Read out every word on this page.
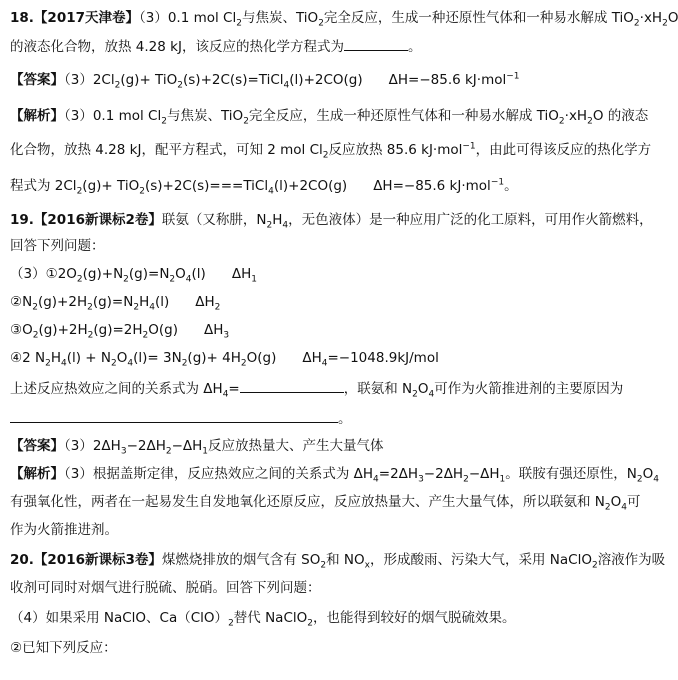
18.【2017天津卷】（3）0.1 mol $Cl_2$与焦炭、TiO$_2$完全反应，生成一种还原性气体和一种易水解成 $TiO_2\cdot xH_2O$
的液态化合物，放热 4.28 kJ，该反应的热化学方程式为	。
【答案】$(3)2Cl_2(g)+$ TiO$_2$(s)+2C(s)=TiCl$_4$(l)+2CO(g) ΔH=−85.6 kJ·mol$^{-1}$
【解析】（3）0.1 mol $Cl_2$与焦炭、TiO$_2$完全反应，生成一种还原性气体和一种易水解成 $TiO_2\cdot xH_2O$ 的液态
化合物，放热 4.28 kJ，配平方程式，可知 2 mol $Cl_2$反应放热 85.6 kJ·mol$^{-1}$，由此可得该反应的热化学方
程式为 $2Cl_2(g)+$ TiO$_2$(s)+2C(s)===TiCl$_4$(l)+2CO(g) ΔH=−85.6 kJ·mol$^{-1}$。
19.【2016新课标2卷】联氨（又称肼，$N_2H_4$，无色液体）是一种应用广泛的化工原料，可用作火箭燃料，
回答下列问题：
$(3)①2O_2(g)+N_2(g)=N_2O_4(l)$ $\Delta H_1$
$②N_2(g)+2H_2(g)=N_2H_4(l)$ $\Delta H_2$
$③O_2(g)+2H_2(g)=2H_2O(g)$ $\Delta H_3$
④2 $N_2H_4(l) + N_2O_4(l)= 3N_2(g)+ 4H_2O(g)$ $\Delta H_4=-1048.9kJ$/mol
上述反应热效应之间的关系式为 $\Delta H_4=$	，联氨和 $N_2O_4$可作为火箭推进剂的主要原因为
。
【答案】$(3)2\Delta H_3-2\Delta H_2-\Delta H_1$反应放热量大、产生大量气体
【解析】（3）根据盖斯定律，反应热效应之间的关系式为 $\Delta H_4=2\Delta H_3-2\Delta H_2-\Delta H_1$。联胺有强还原性，$N_2O_4$
有强氧化性，两者在一起易发生自发地氧化还原反应，反应放热量大、产生大量气体，所以联氨和 $N_2O_4$可
作为火箭推进剂。
20.【2016新课标3卷】煤燃烧排放的烟气含有 $SO_2$和 $NO_x$，形成酸雨、污染大气，采用 NaClO$_2$溶液作为吸
收剂可同时对烟气进行脱硫、脱硝。回答下列问题：
（4）如果采用 NaClO、$Ca(ClO)_2$替代 NaClO$_2$，也能得到较好的烟气脱硫效果。
②已知下列反应：
